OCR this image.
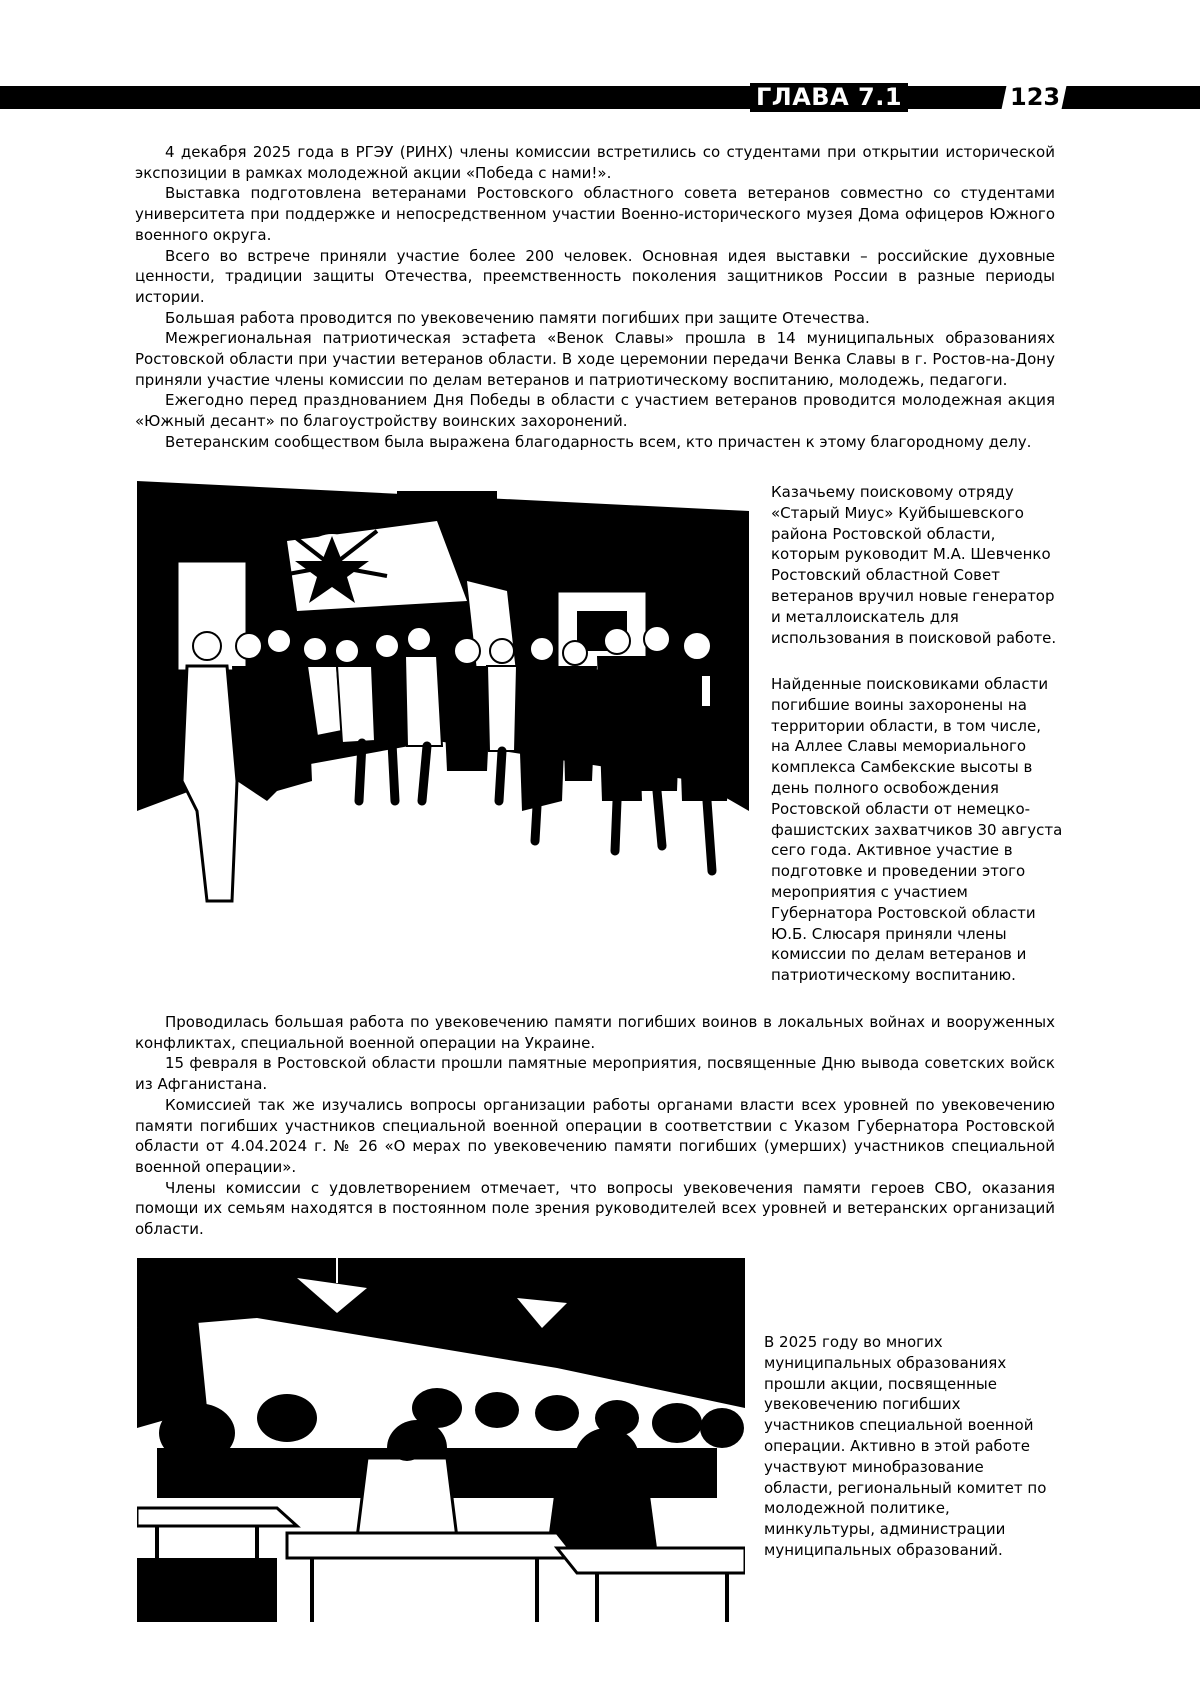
ГЛАВА 7.1	123

4 декабря 2025 года в РГЭУ (РИНХ) члены комиссии встретились со студентами при открытии исторической экспозиции в рамках молодежной акции «Победа с нами!».

Выставка подготовлена ветеранами Ростовского областного совета ветеранов совместно со студентами университета при поддержке и непосредственном участии Военно-исторического музея Дома офицеров Южного военного округа.

Всего во встрече приняли участие более 200 человек. Основная идея выставки – российские духовные ценности, традиции защиты Отечества, преемственность поколения защитников России в разные периоды истории.

Большая работа проводится по увековечению памяти погибших при защите Отечества.

Межрегиональная патриотическая эстафета «Венок Славы» прошла в 14 муниципальных образованиях Ростовской области при участии ветеранов области. В ходе церемонии передачи Венка Славы в г. Ростов-на-Дону приняли участие члены комиссии по делам ветеранов и патриотическому воспитанию, молодежь, педагоги.

Ежегодно перед празднованием Дня Победы в области с участием ветеранов проводится молодежная акция «Южный десант» по благоустройству воинских захоронений.

Ветеранским сообществом была выражена благодарность всем, кто причастен к этому благородному делу.

Казачьему поисковому отряду «Старый Миус» Куйбышевского района Ростовской области, которым руководит М.А. Шевченко Ростовский областной Совет ветеранов вручил новые генератор и металлоискатель для использования в поисковой работе.
Найденные поисковиками области погибшие воины захоронены на территории области, в том числе, на Аллее Славы мемориального комплекса Самбекские высоты в день полного освобождения Ростовской области от немецко-фашистских захватчиков 30 августа сего года. Активное участие в подготовке и проведении этого мероприятия с участием Губернатора Ростовской области Ю.Б. Слюсаря приняли члены комиссии по делам ветеранов и патриотическому воспитанию.

Проводилась большая работа по увековечению памяти погибших воинов в локальных войнах и вооруженных конфликтах, специальной военной операции на Украине.

15 февраля в Ростовской области прошли памятные мероприятия, посвященные Дню вывода советских войск из Афганистана.

Комиссией так же изучались вопросы организации работы органами власти всех уровней по увековечению памяти погибших участников специальной военной операции в соответствии с Указом Губернатора Ростовской области от 4.04.2024 г. № 26 «О мерах по увековечению памяти погибших (умерших) участников специальной военной операции».

Члены комиссии с удовлетворением отмечает, что вопросы увековечения памяти героев СВО, оказания помощи их семьям находятся в постоянном поле зрения руководителей всех уровней и ветеранских организаций области.

В 2025 году во многих муниципальных образованиях прошли акции, посвященные увековечению погибших участников специальной военной операции. Активно в этой работе участвуют минобразование области, региональный комитет по молодежной политике, минкультуры, администрации муниципальных образований.
